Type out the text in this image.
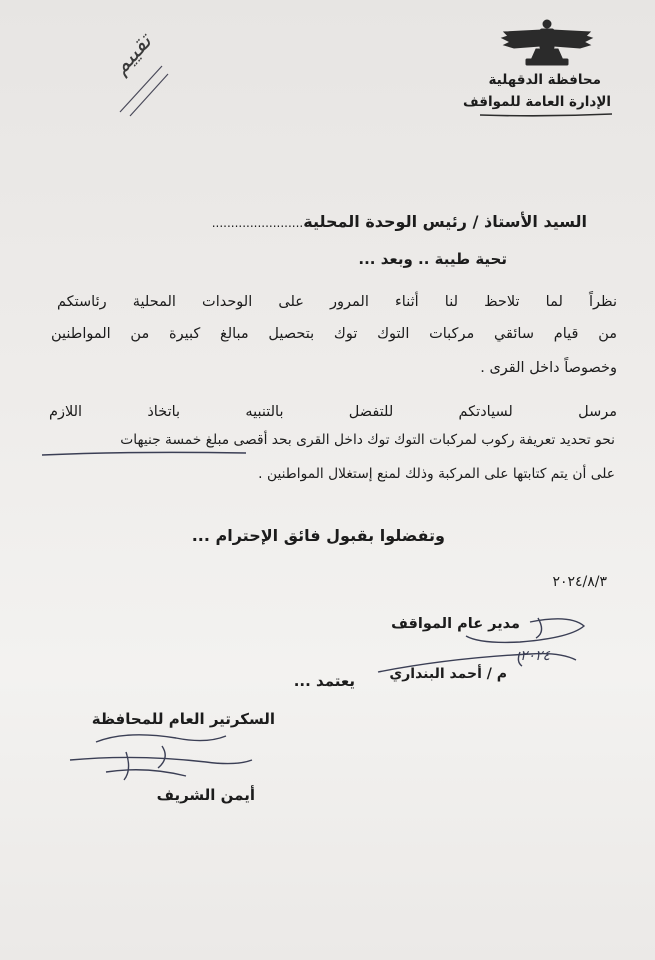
محافظة الدقهلية
الإدارة العامة للمواقف
تقييم
السيد الأستاذ / رئيس الوحدة المحلية........................
تحية طيبة .. وبعد ...
نظراً لما تلاحظ لنا أثناء المرور على الوحدات المحلية رئاستكم
من قيام سائقي مركبات التوك توك بتحصيل مبالغ كبيرة من المواطنين
وخصوصاً داخل القرى .
مرسل لسيادتكم للتفضل بالتنبيه باتخاذ اللازم
نحو تحديد تعريفة ركوب لمركبات التوك توك داخل القرى بحد أقصى مبلغ خمسة جنيهات
على أن يتم كتابتها على المركبة وذلك لمنع إستغلال المواطنين .
وتفضلوا بقبول فائق الإحترام ...
٢٠٢٤/٨/٣
مدير عام المواقف
م / أحمد البنداري
٢٠٢٤
يعتمد ...
السكرتير العام للمحافظة
أيمن الشريف
